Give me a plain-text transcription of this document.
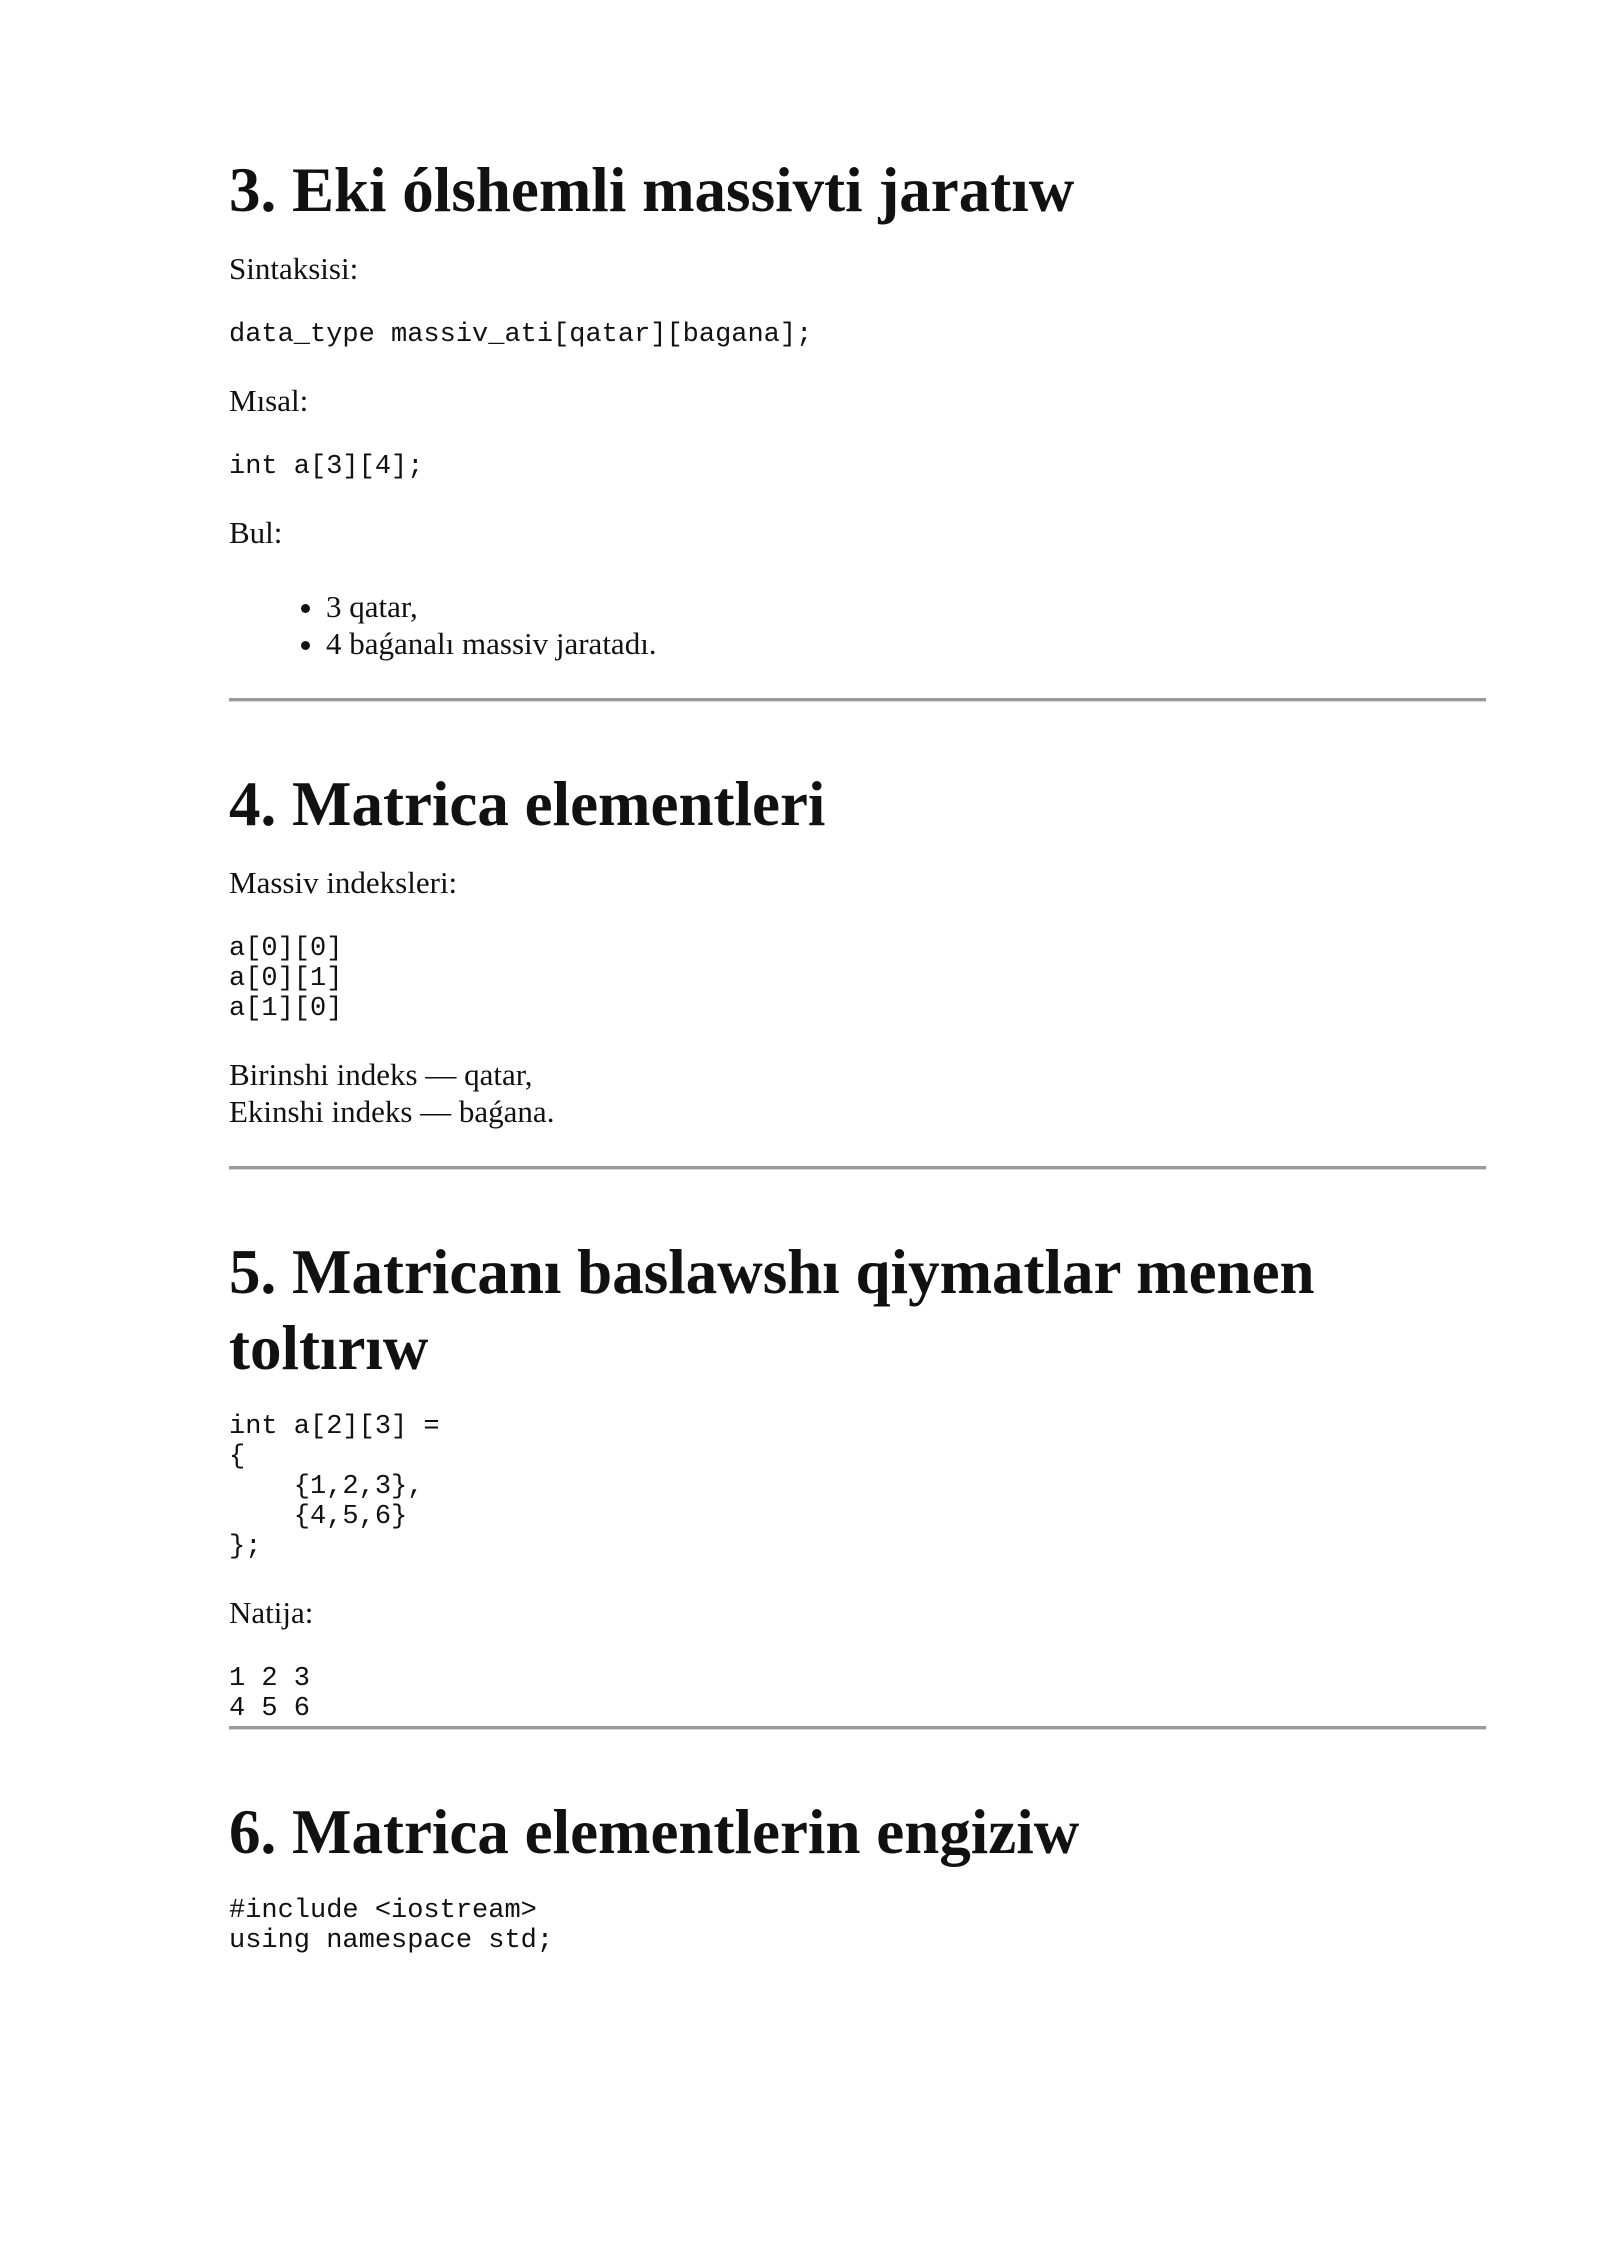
3. Eki ólshemli massivti jaratıw

Sintaksisi:

data_type massiv_ati[qatar][bagana];

Mısal:

int a[3][4];

Bul:

• 3 qatar,
• 4 baǵanalı massiv jaratadı.
4. Matrica elementleri

Massiv indeksleri:

a[0][0]
a[0][1]
a[1][0]

Birinshi indeks — qatar,

Ekinshi indeks — baǵana.

5. Matricanı baslawshı qiymatlar menen toltırıw
int a[2][3] =
{
{1,2,3},
{4,5,6}
};

Natija:

1 2 3
4 5 6
6. Matrica elementlerin engiziw
#include <iostream>
using namespace std;
